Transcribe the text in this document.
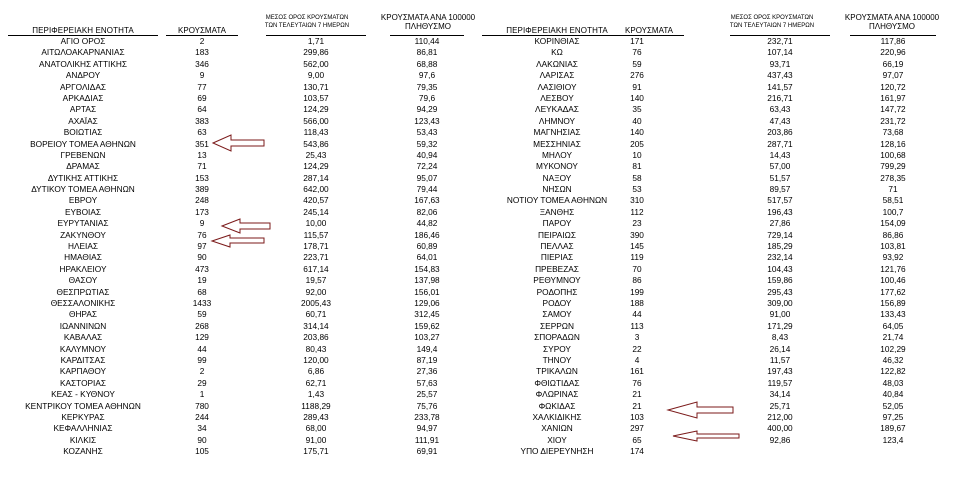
ΠΕΡΙΦΕΡΕΙΑΚΗ ΕΝΟΤΗΤΑ	ΚΡΟΥΣΜΑΤΑ
ΜΕΣΟΣ ΟΡΟΣ ΚΡΟΥΣΜΑΤΩΝ
ΤΩΝ ΤΕΛΕΥΤΑΙΩΝ 7 ΗΜΕΡΩΝ
ΚΡΟΥΣΜΑΤΑ ΑΝΑ 100000
ΠΛΗΘΥΣΜΟ
ΑΓΙΟ ΟΡΟΣ	2	1,71	110,44
ΑΙΤΩΛΟΑΚΑΡΝΑΝΙΑΣ	183	299,86	86,81
ΑΝΑΤΟΛΙΚΗΣ ΑΤΤΙΚΗΣ	346	562,00	68,88
ΑΝΔΡΟΥ	9	9,00	97,6
ΑΡΓΟΛΙΔΑΣ	77	130,71	79,35
ΑΡΚΑΔΙΑΣ	69	103,57	79,6
ΑΡΤΑΣ	64	124,29	94,29
ΑΧΑΪΑΣ	383	566,00	123,43
ΒΟΙΩΤΙΑΣ	63	118,43	53,43
ΒΟΡΕΙΟΥ ΤΟΜΕΑ ΑΘΗΝΩΝ	351	543,86	59,32
ΓΡΕΒΕΝΩΝ	13	25,43	40,94
ΔΡΑΜΑΣ	71	124,29	72,24
ΔΥΤΙΚΗΣ ΑΤΤΙΚΗΣ	153	287,14	95,07
ΔΥΤΙΚΟΥ ΤΟΜΕΑ ΑΘΗΝΩΝ	389	642,00	79,44
ΕΒΡΟΥ	248	420,57	167,63
ΕΥΒΟΙΑΣ	173	245,14	82,06
ΕΥΡΥΤΑΝΙΑΣ	9	10,00	44,82
ΖΑΚΥΝΘΟΥ	76	115,57	186,46
ΗΛΕΙΑΣ	97	178,71	60,89
ΗΜΑΘΙΑΣ	90	223,71	64,01
ΗΡΑΚΛΕΙΟΥ	473	617,14	154,83
ΘΑΣΟΥ	19	19,57	137,98
ΘΕΣΠΡΩΤΙΑΣ	68	92,00	156,01
ΘΕΣΣΑΛΟΝΙΚΗΣ	1433	2005,43	129,06
ΘΗΡΑΣ	59	60,71	312,45
ΙΩΑΝΝΙΝΩΝ	268	314,14	159,62
ΚΑΒΑΛΑΣ	129	203,86	103,27
ΚΑΛΥΜΝΟΥ	44	80,43	149,4
ΚΑΡΔΙΤΣΑΣ	99	120,00	87,19
ΚΑΡΠΑΘΟΥ	2	6,86	27,36
ΚΑΣΤΟΡΙΑΣ	29	62,71	57,63
ΚΕΑΣ - ΚΥΘΝΟΥ	1	1,43	25,57
ΚΕΝΤΡΙΚΟΥ ΤΟΜΕΑ ΑΘΗΝΩΝ	780	1188,29	75,76
ΚΕΡΚΥΡΑΣ	244	289,43	233,78
ΚΕΦΑΛΛΗΝΙΑΣ	34	68,00	94,97
ΚΙΛΚΙΣ	90	91,00	111,91
ΚΟΖΑΝΗΣ	105	175,71	69,91
ΠΕΡΙΦΕΡΕΙΑΚΗ ΕΝΟΤΗΤΑ	ΚΡΟΥΣΜΑΤΑ
ΜΕΣΟΣ ΟΡΟΣ ΚΡΟΥΣΜΑΤΩΝ
ΤΩΝ ΤΕΛΕΥΤΑΙΩΝ 7 ΗΜΕΡΩΝ
ΚΡΟΥΣΜΑΤΑ ΑΝΑ 100000
ΠΛΗΘΥΣΜΟ
ΚΟΡΙΝΘΙΑΣ	171	232,71	117,86
ΚΩ	76	107,14	220,96
ΛΑΚΩΝΙΑΣ	59	93,71	66,19
ΛΑΡΙΣΑΣ	276	437,43	97,07
ΛΑΣΙΘΙΟΥ	91	141,57	120,72
ΛΕΣΒΟΥ	140	216,71	161,97
ΛΕΥΚΑΔΑΣ	35	63,43	147,72
ΛΗΜΝΟΥ	40	47,43	231,72
ΜΑΓΝΗΣΙΑΣ	140	203,86	73,68
ΜΕΣΣΗΝΙΑΣ	205	287,71	128,16
ΜΗΛΟΥ	10	14,43	100,68
ΜΥΚΟΝΟΥ	81	57,00	799,29
ΝΑΞΟΥ	58	51,57	278,35
ΝΗΣΩΝ	53	89,57	71
ΝΟΤΙΟΥ ΤΟΜΕΑ ΑΘΗΝΩΝ	310	517,57	58,51
ΞΑΝΘΗΣ	112	196,43	100,7
ΠΑΡΟΥ	23	27,86	154,09
ΠΕΙΡΑΙΩΣ	390	729,14	86,86
ΠΕΛΛΑΣ	145	185,29	103,81
ΠΙΕΡΙΑΣ	119	232,14	93,92
ΠΡΕΒΕΖΑΣ	70	104,43	121,76
ΡΕΘΥΜΝΟΥ	86	159,86	100,46
ΡΟΔΟΠΗΣ	199	295,43	177,62
ΡΟΔΟΥ	188	309,00	156,89
ΣΑΜΟΥ	44	91,00	133,43
ΣΕΡΡΩΝ	113	171,29	64,05
ΣΠΟΡΑΔΩΝ	3	8,43	21,74
ΣΥΡΟΥ	22	26,14	102,29
ΤΗΝΟΥ	4	11,57	46,32
ΤΡΙΚΑΛΩΝ	161	197,43	122,82
ΦΘΙΩΤΙΔΑΣ	76	119,57	48,03
ΦΛΩΡΙΝΑΣ	21	34,14	40,84
ΦΩΚΙΔΑΣ	21	25,71	52,05
ΧΑΛΚΙΔΙΚΗΣ	103	212,00	97,25
ΧΑΝΙΩΝ	297	400,00	189,67
ΧΙΟΥ	65	92,86	123,4
ΥΠΟ ΔΙΕΡΕΥΝΗΣΗ	174
